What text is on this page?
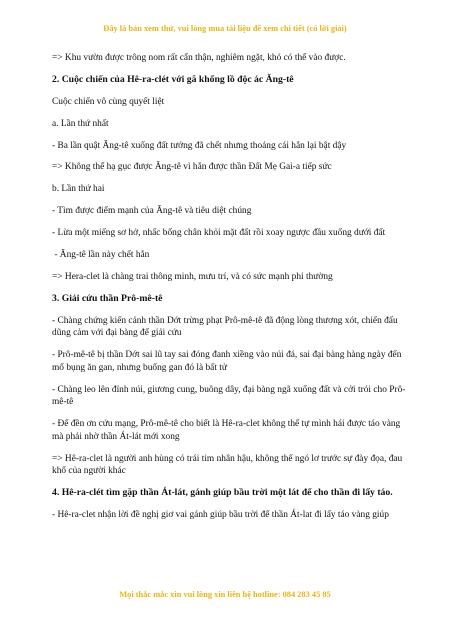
Đây là bản xem thử, vui lòng mua tài liệu để xem chi tiết (có lời giải)

=> Khu vườn được trông nom rất cẩn thận, nghiêm ngặt, khó có thể vào được.

2. Cuộc chiến của Hê-ra-clét với gã khổng lồ độc ác Ăng-tê

Cuộc chiến vô cùng quyết liệt

a. Lần thứ nhất

- Ba lần quật Ăng-tê xuống đất tưởng đã chết nhưng thoáng cái hắn lại bật dậy

=> Không thể hạ gục được Ăng-tê vì hắn được thần Đất Mẹ Gai-a tiếp sức

b. Lần thứ hai

- Tìm được điểm mạnh của Ăng-tê và tiêu diệt chúng

- Lừa một miếng sơ hở, nhấc bổng chân khỏi mặt đất rồi xoay ngược đầu xuống dưới đất

- Ăng-tê lần này chết hẳn

=> Hera-clet là chàng trai thông minh, mưu trí, và có sức mạnh phi thường

3. Giải cứu thần Prô-mê-tê

- Chàng chứng kiến cảnh thần Dớt trừng phạt Prô-mê-tê đã động lòng thương xót, chiến đấu dũng cảm với đại bàng để giải cứu

- Prô-mê-tê bị thần Dớt sai lũ tay sai đóng đanh xiềng vào núi đá, sai đại bàng hàng ngày đến mổ bụng ăn gan, nhưng buổng gan đó là bất tử

- Chàng leo lên đỉnh núi, giương cung, buông dây, đại bàng ngã xuống đất và cởi trói cho Prô-mê-tê

- Để đền ơn cứu mạng, Prô-mê-tê cho biết là Hê-ra-clet không thể tự mình hái được táo vàng mà phải nhờ thần Át-lát mới xong

=> Hê-ra-clet là người anh hùng có trái tim nhân hậu, không thể ngó lơ trước sự đày đọa, đau khổ của người khác

4. Hê-ra-clét tìm gặp thần Át-lát, gánh giúp bầu trời một lát để cho thần đi lấy táo.

- Hê-ra-clet nhận lời đề nghị giơ vai gánh giúp bầu trời để thần Át-lat đi lấy táo vàng giúp

Mọi thắc mắc xin vui lòng xin liên hệ hotline: 084 283 45 85
